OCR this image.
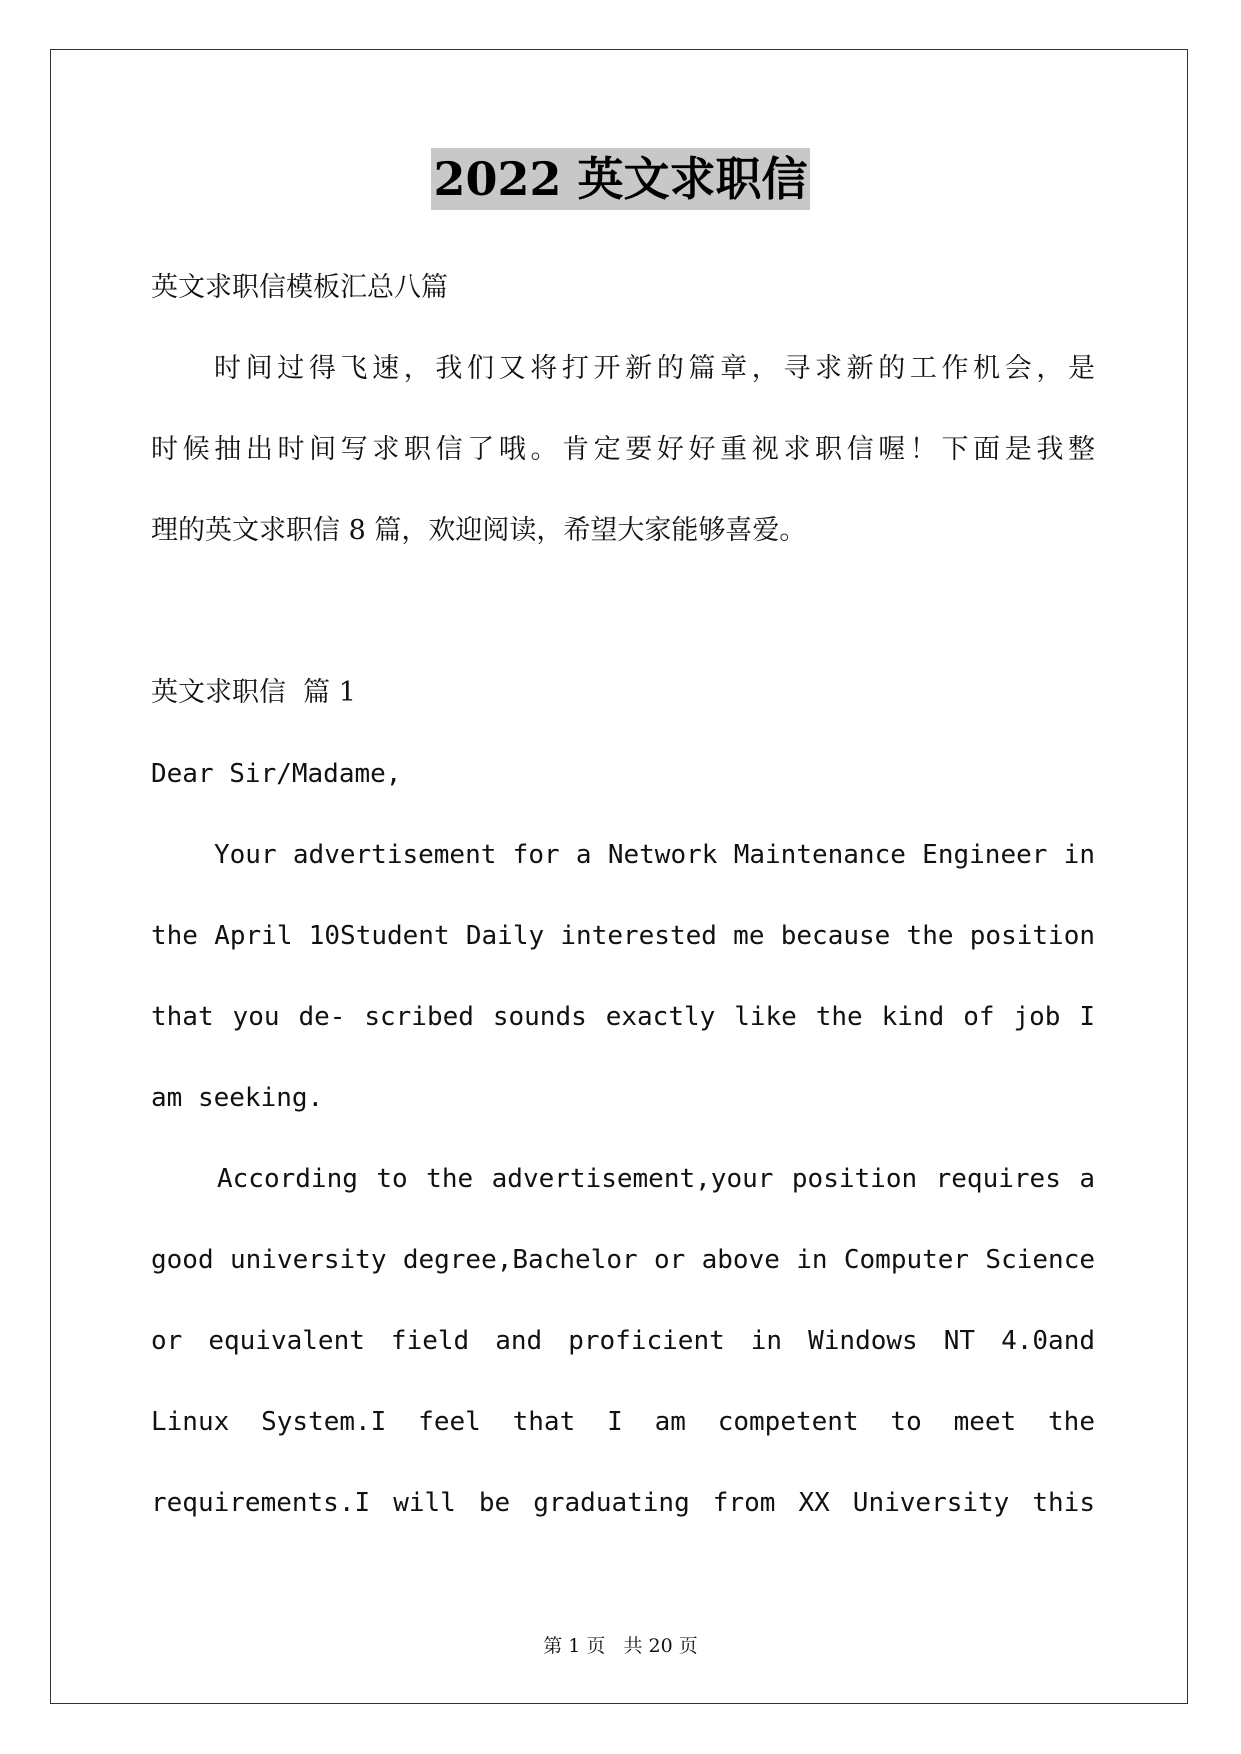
2022 英文求职信
英文求职信模板汇总八篇
时间过得飞速，我们又将打开新的篇章，寻求新的工作机会，是
时候抽出时间写求职信了哦。肯定要好好重视求职信喔！下面是我整
理的英文求职信 8 篇，欢迎阅读，希望大家能够喜爱。
英文求职信  篇 1
Dear Sir/Madame,
Your advertisement for a Network Maintenance Engineer in
the April 10Student Daily interested me because the position
that you de- scribed sounds exactly like the kind of job I
am seeking.
According to the advertisement,your position requires a
good university degree,Bachelor or above in Computer Science
or equivalent field and proficient in Windows NT 4.0and
Linux System.I feel that I am competent to meet the
requirements.I will be graduating from XX University this
第 1 页   共 20 页
